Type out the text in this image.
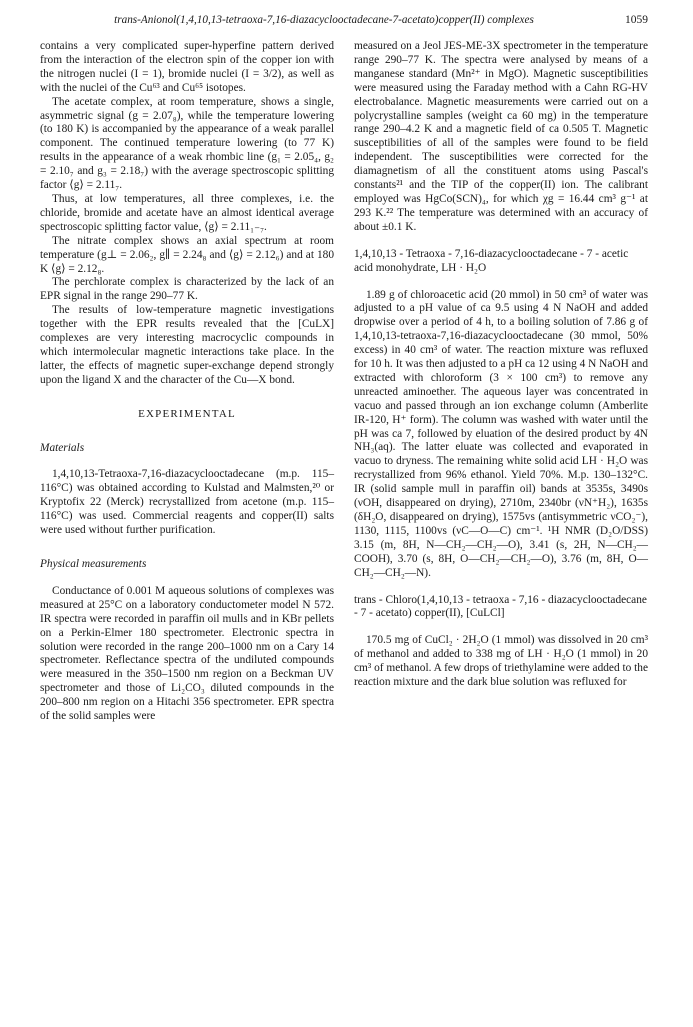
trans-Anionol(1,4,10,13-tetraoxa-7,16-diazacyclooctadecane-7-acetato)copper(II) complexes	1059

contains a very complicated super-hyperfine pattern derived from the interaction of the electron spin of the copper ion with the nitrogen nuclei (I = 1), bromide nuclei (I = 3/2), as well as with the nuclei of the Cu⁶³ and Cu⁶⁵ isotopes.

The acetate complex, at room temperature, shows a single, asymmetric signal (g = 2.07₈), while the temperature lowering (to 180 K) is accompanied by the appearance of a weak parallel component. The continued temperature lowering (to 77 K) results in the appearance of a weak rhombic line (g₁ = 2.05₄, g₂ = 2.10₇ and g₃ = 2.18₇) with the average spectroscopic splitting factor ⟨g⟩ = 2.11₇.

Thus, at low temperatures, all three complexes, i.e. the chloride, bromide and acetate have an almost identical average spectroscopic splitting factor value, ⟨g⟩ = 2.11₁₋₇.

The nitrate complex shows an axial spectrum at room temperature (g⊥ = 2.06₂, g∥ = 2.24₈ and ⟨g⟩ = 2.12₆) and at 180 K ⟨g⟩ = 2.12₈.

The perchlorate complex is characterized by the lack of an EPR signal in the range 290–77 K.

The results of low-temperature magnetic investigations together with the EPR results revealed that the [CuLX] complexes are very interesting macrocyclic compounds in which intermolecular magnetic interactions take place. In the latter, the effects of magnetic super-exchange depend strongly upon the ligand X and the character of the Cu—X bond.

EXPERIMENTAL

Materials

1,4,10,13-Tetraoxa-7,16-diazacyclooctadecane (m.p. 115–116°C) was obtained according to Kulstad and Malmsten,²⁰ or Kryptofix 22 (Merck) recrystallized from acetone (m.p. 115–116°C) was used. Commercial reagents and copper(II) salts were used without further purification.

Physical measurements

Conductance of 0.001 M aqueous solutions of complexes was measured at 25°C on a laboratory conductometer model N 572. IR spectra were recorded in paraffin oil mulls and in KBr pellets on a Perkin-Elmer 180 spectrometer. Electronic spectra in solution were recorded in the range 200–1000 nm on a Cary 14 spectrometer. Reflectance spectra of the undiluted compounds were measured in the 350–1500 nm region on a Beckman UV spectrometer and those of Li₂CO₃ diluted compounds in the 200–800 nm region on a Hitachi 356 spectrometer. EPR spectra of the solid samples were

measured on a Jeol JES-ME-3X spectrometer in the temperature range 290–77 K. The spectra were analysed by means of a manganese standard (Mn²⁺ in MgO). Magnetic susceptibilities were measured using the Faraday method with a Cahn RG-HV electrobalance. Magnetic measurements were carried out on a polycrystalline samples (weight ca 60 mg) in the temperature range 290–4.2 K and a magnetic field of ca 0.505 T. Magnetic susceptibilities of all of the samples were found to be field independent. The susceptibilities were corrected for the diamagnetism of all the constituent atoms using Pascal's constants²¹ and the TIP of the copper(II) ion. The calibrant employed was HgCo(SCN)₄, for which χg = 16.44 cm³ g⁻¹ at 293 K.²² The temperature was determined with an accuracy of about ±0.1 K.

1,4,10,13 - Tetraoxa - 7,16-diazacyclooctadecane - 7 - acetic acid monohydrate, LH · H₂O

1.89 g of chloroacetic acid (20 mmol) in 50 cm³ of water was adjusted to a pH value of ca 9.5 using 4 N NaOH and added dropwise over a period of 4 h, to a boiling solution of 7.86 g of 1,4,10,13-tetraoxa-7,16-diazacyclooctadecane (30 mmol, 50% excess) in 40 cm³ of water. The reaction mixture was refluxed for 10 h. It was then adjusted to a pH ca 12 using 4 N NaOH and extracted with chloroform (3 × 100 cm³) to remove any unreacted aminoether. The aqueous layer was concentrated in vacuo and passed through an ion exchange column (Amberlite IR-120, H⁺ form). The column was washed with water until the pH was ca 7, followed by eluation of the desired product by 4N NH₃(aq). The latter eluate was collected and evaporated in vacuo to dryness. The remaining white solid acid LH · H₂O was recrystallized from 96% ethanol. Yield 70%. M.p. 130–132°C. IR (solid sample mull in paraffin oil) bands at 3535s, 3490s (νOH, disappeared on drying), 2710m, 2340br (νN⁺H₂), 1635s (δH₂O, disappeared on drying), 1575vs (antisymmetric νCO₂⁻), 1130, 1115, 1100vs (νC—O—C) cm⁻¹. ¹H NMR (D₂O/DSS) 3.15 (m, 8H, N—CH₂—CH₂—O), 3.41 (s, 2H, N—CH₂—COOH), 3.70 (s, 8H, O—CH₂—CH₂—O), 3.76 (m, 8H, O—CH₂—CH₂—N).

trans - Chloro(1,4,10,13 - tetraoxa - 7,16 - diazacyclooctadecane - 7 - acetato) copper(II), [CuLCl]

170.5 mg of CuCl₂ · 2H₂O (1 mmol) was dissolved in 20 cm³ of methanol and added to 338 mg of LH · H₂O (1 mmol) in 20 cm³ of methanol. A few drops of triethylamine were added to the reaction mixture and the dark blue solution was refluxed for
